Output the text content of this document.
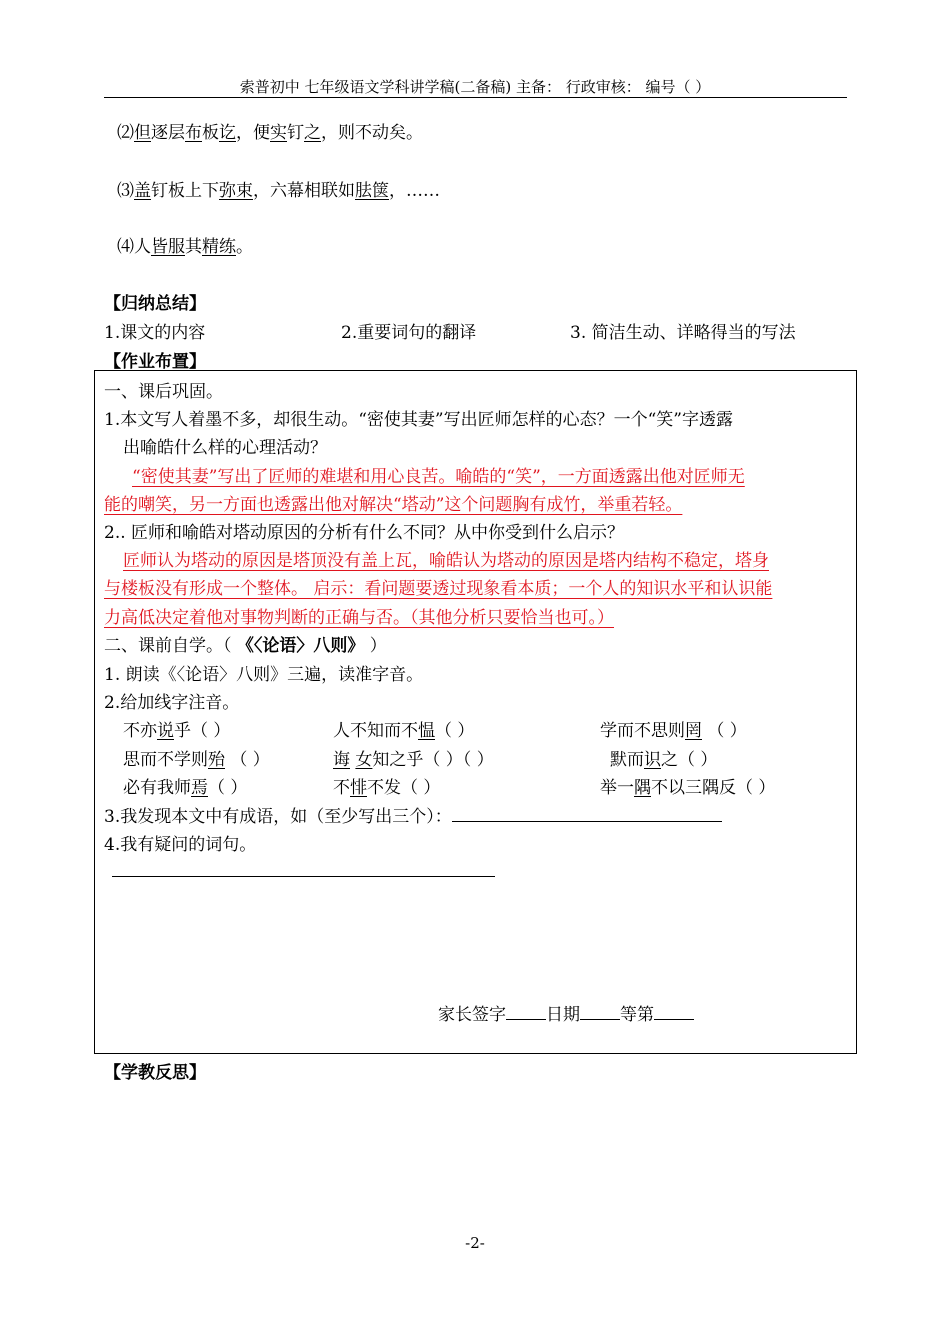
索普初中 七年级语文学科讲学稿(二备稿) 主备： 行政审核： 编号（ ）
⑵但逐层布板讫，便实钉之，则不动矣。
⑶盖钉板上下弥束，六幕相联如胠箧，……
⑷人皆服其精练。
【归纳总结】
1.课文的内容	2.重要词句的翻译	3. 简洁生动、详略得当的写法
【作业布置】
一、课后巩固。
1.本文写人着墨不多，却很生动。“密使其妻”写出匠师怎样的心态？一个“笑”字透露
出喻皓什么样的心理活动？
“密使其妻”写出了匠师的难堪和用心良苦。喻皓的“笑”，一方面透露出他对匠师无
能的嘲笑，另一方面也透露出他对解决“塔动”这个问题胸有成竹，举重若轻。
2.. 匠师和喻皓对塔动原因的分析有什么不同？从中你受到什么启示？
匠师认为塔动的原因是塔顶没有盖上瓦，喻皓认为塔动的原因是塔内结构不稳定，塔身
与楼板没有形成一个整体。 启示：看问题要透过现象看本质；一个人的知识水平和认识能
力高低决定着他对事物判断的正确与否。（其他分析只要恰当也可。）
二、课前自学。（ 《〈论语〉八则》 ）
1. 朗读《〈论语〉八则》三遍，读准字音。
2.给加线字注音。
不亦说乎（ ）	人不知而不愠（ ）	学而不思则罔 （ ）
思而不学则殆 （ ）	诲 女知之乎（ ）（ ）	默而识之（ ）
必有我师焉（ ）	不悱不发（ ）	举一隅不以三隅反（ ）
3.我发现本文中有成语，如（至少写出三个）：
4.我有疑问的词句。
家长签字 日期 等第
【学教反思】
-2-
